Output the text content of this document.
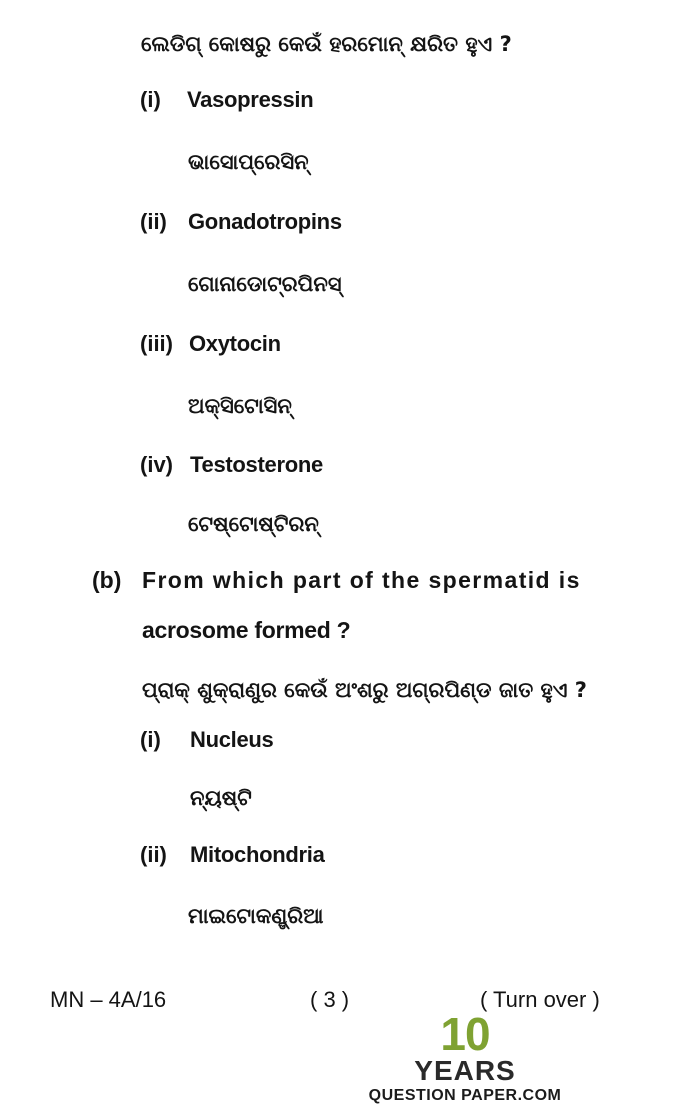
ଲେଡିଗ୍ କୋଷରୁ କେଉଁ ହରମୋନ୍ କ୍ଷରିତ ହୁଏ ?
(i) Vasopressin
ଭାସୋପ୍ରେସିନ୍
(ii) Gonadotropins
ଗୋନାଡୋଟ୍ରପିନସ୍
(iii) Oxytocin
ଅକ୍‌ସିଟୋସିନ୍
(iv) Testosterone
ଟେଷ୍ଟୋଷ୍ଟିରନ୍
(b) From which part of the spermatid is
acrosome formed ?
ପ୍ରାକ୍ ଶୁକ୍ରାଣୁର କେଉଁ ଅଂଶରୁ ଅଗ୍ରପିଣ୍ଡ ଜାତ ହୁଏ ?
(i) Nucleus
ନ୍ୟଷ୍ଟି
(ii) Mitochondria
ମାଇଟୋକଣ୍ଡ୍ରିଆ
MN – 4A/16	( 3 )	( Turn over )
10
YEARS
QUESTION PAPER.COM
